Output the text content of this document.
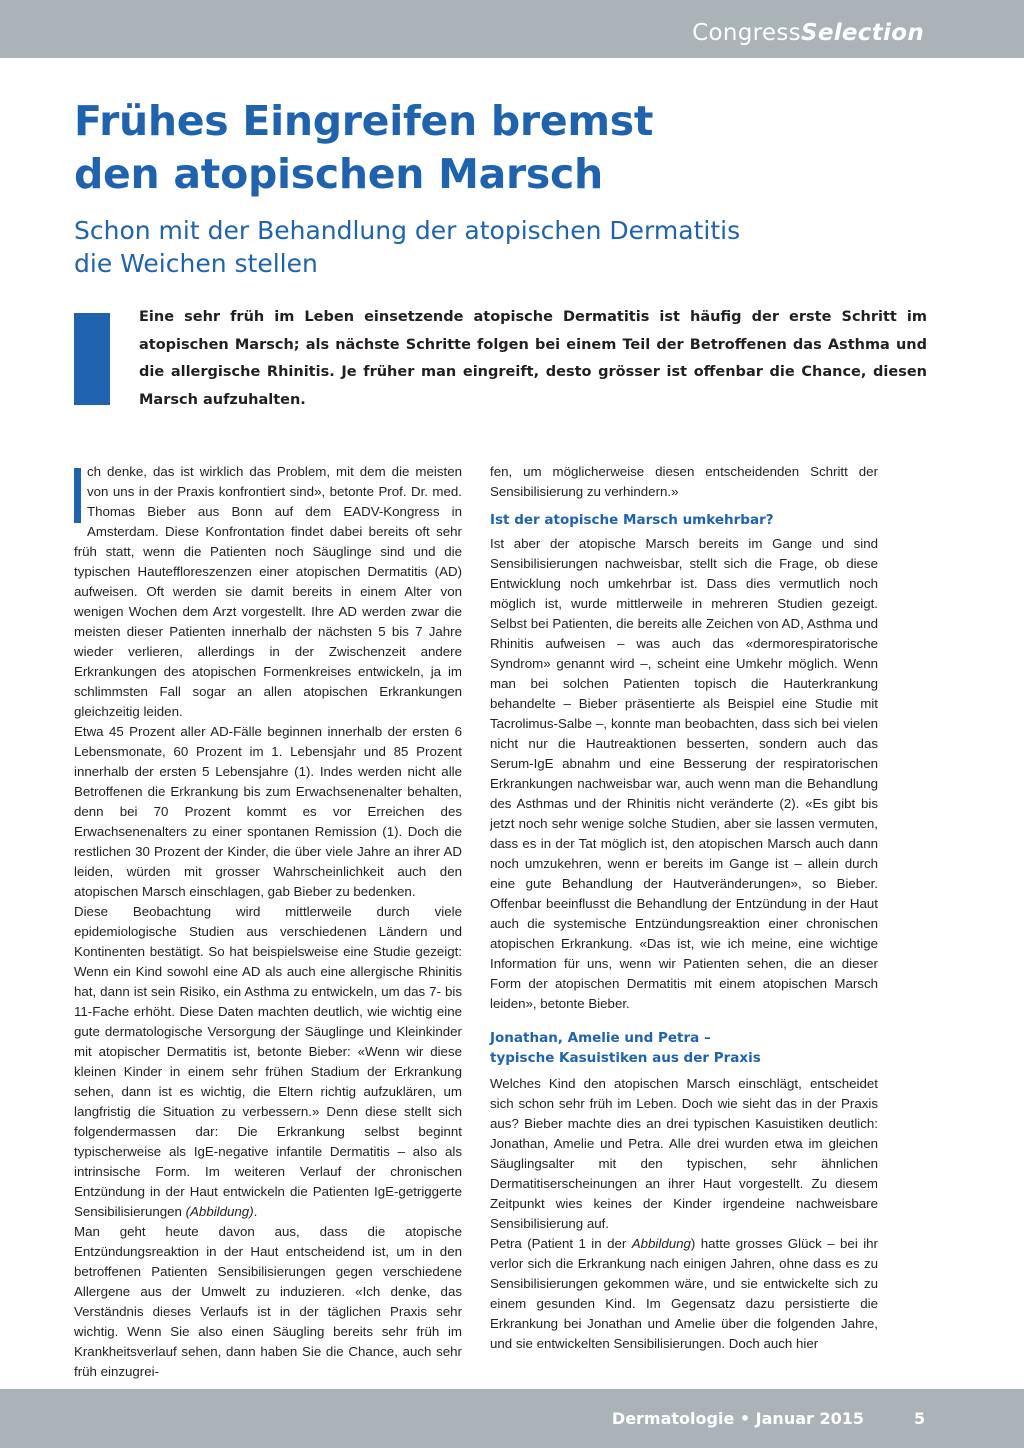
CongressSelection
Frühes Eingreifen bremst
den atopischen Marsch
Schon mit der Behandlung der atopischen Dermatitis
die Weichen stellen

Eine sehr früh im Leben einsetzende atopische Dermatitis ist häufig der erste Schritt im atopischen Marsch; als nächste Schritte folgen bei einem Teil der Betroffenen das Asthma und die allergische Rhinitis. Je früher man eingreift, desto grösser ist offenbar die Chance, diesen Marsch aufzuhalten.

ch denke, das ist wirklich das Problem, mit dem die meisten von uns in der Praxis konfrontiert sind», betonte Prof. Dr. med. Thomas Bieber aus Bonn auf dem EADV-Kongress in Amsterdam. Diese Konfrontation findet dabei bereits oft sehr früh statt, wenn die Patienten noch Säuglinge sind und die typischen Hauteffloreszenzen einer atopischen Dermatitis (AD) aufweisen. Oft werden sie damit bereits in einem Alter von wenigen Wochen dem Arzt vorgestellt. Ihre AD werden zwar die meisten dieser Patienten innerhalb der nächsten 5 bis 7 Jahre wieder verlieren, allerdings in der Zwischenzeit andere Erkrankungen des atopischen Formenkreises entwickeln, ja im schlimmsten Fall sogar an allen atopischen Erkrankungen gleichzeitig leiden.

Etwa 45 Prozent aller AD-Fälle beginnen innerhalb der ersten 6 Lebensmonate, 60 Prozent im 1. Lebensjahr und 85 Prozent innerhalb der ersten 5 Lebensjahre (1). Indes werden nicht alle Betroffenen die Erkrankung bis zum Erwachsenenalter behalten, denn bei 70 Prozent kommt es vor Erreichen des Erwachsenenalters zu einer spontanen Remission (1). Doch die restlichen 30 Prozent der Kinder, die über viele Jahre an ihrer AD leiden, würden mit grosser Wahrscheinlichkeit auch den atopischen Marsch einschlagen, gab Bieber zu bedenken.

Diese Beobachtung wird mittlerweile durch viele epidemiologische Studien aus verschiedenen Ländern und Kontinenten bestätigt. So hat beispielsweise eine Studie gezeigt: Wenn ein Kind sowohl eine AD als auch eine allergische Rhinitis hat, dann ist sein Risiko, ein Asthma zu entwickeln, um das 7- bis 11-Fache erhöht. Diese Daten machten deutlich, wie wichtig eine gute dermatologische Versorgung der Säuglinge und Kleinkinder mit atopischer Dermatitis ist, betonte Bieber: «Wenn wir diese kleinen Kinder in einem sehr frühen Stadium der Erkrankung sehen, dann ist es wichtig, die Eltern richtig aufzuklären, um langfristig die Situation zu verbessern.» Denn diese stellt sich folgendermassen dar: Die Erkrankung selbst beginnt typischerweise als IgE-negative infantile Dermatitis – also als intrinsische Form. Im weiteren Verlauf der chronischen Entzündung in der Haut entwickeln die Patienten IgE-getriggerte Sensibilisierungen (Abbildung).

Man geht heute davon aus, dass die atopische Entzündungsreaktion in der Haut entscheidend ist, um in den betroffenen Patienten Sensibilisierungen gegen verschiedene Allergene aus der Umwelt zu induzieren. «Ich denke, das Verständnis dieses Verlaufs ist in der täglichen Praxis sehr wichtig. Wenn Sie also einen Säugling bereits sehr früh im Krankheitsverlauf sehen, dann haben Sie die Chance, auch sehr früh einzugrei-

fen, um möglicherweise diesen entscheidenden Schritt der Sensibilisierung zu verhindern.»

Ist der atopische Marsch umkehrbar?

Ist aber der atopische Marsch bereits im Gange und sind Sensibilisierungen nachweisbar, stellt sich die Frage, ob diese Entwicklung noch umkehrbar ist. Dass dies vermutlich noch möglich ist, wurde mittlerweile in mehreren Studien gezeigt. Selbst bei Patienten, die bereits alle Zeichen von AD, Asthma und Rhinitis aufweisen – was auch das «dermorespiratorische Syndrom» genannt wird –, scheint eine Umkehr möglich. Wenn man bei solchen Patienten topisch die Hauterkrankung behandelte – Bieber präsentierte als Beispiel eine Studie mit Tacrolimus-Salbe –, konnte man beobachten, dass sich bei vielen nicht nur die Hautreaktionen besserten, sondern auch das Serum-IgE abnahm und eine Besserung der respiratorischen Erkrankungen nachweisbar war, auch wenn man die Behandlung des Asthmas und der Rhinitis nicht veränderte (2). «Es gibt bis jetzt noch sehr wenige solche Studien, aber sie lassen vermuten, dass es in der Tat möglich ist, den atopischen Marsch auch dann noch umzukehren, wenn er bereits im Gange ist – allein durch eine gute Behandlung der Hautveränderungen», so Bieber. Offenbar beeinflusst die Behandlung der Entzündung in der Haut auch die systemische Entzündungsreaktion einer chronischen atopischen Erkrankung. «Das ist, wie ich meine, eine wichtige Information für uns, wenn wir Patienten sehen, die an dieser Form der atopischen Dermatitis mit einem atopischen Marsch leiden», betonte Bieber.

Jonathan, Amelie und Petra –
typische Kasuistiken aus der Praxis

Welches Kind den atopischen Marsch einschlägt, entscheidet sich schon sehr früh im Leben. Doch wie sieht das in der Praxis aus? Bieber machte dies an drei typischen Kasuistiken deutlich: Jonathan, Amelie und Petra. Alle drei wurden etwa im gleichen Säuglingsalter mit den typischen, sehr ähnlichen Dermatitiserscheinungen an ihrer Haut vorgestellt. Zu diesem Zeitpunkt wies keines der Kinder irgendeine nachweisbare Sensibilisierung auf.

Petra (Patient 1 in der Abbildung) hatte grosses Glück – bei ihr verlor sich die Erkrankung nach einigen Jahren, ohne dass es zu Sensibilisierungen gekommen wäre, und sie entwickelte sich zu einem gesunden Kind. Im Gegensatz dazu persistierte die Erkrankung bei Jonathan und Amelie über die folgenden Jahre, und sie entwickelten Sensibilisierungen. Doch auch hier

Dermatologie • Januar 2015	5
